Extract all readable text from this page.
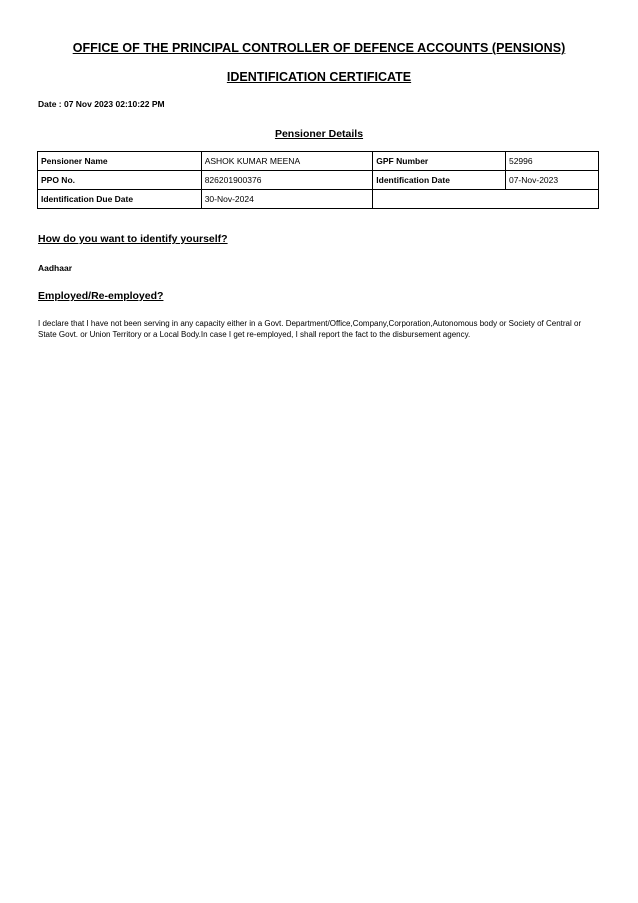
OFFICE OF THE PRINCIPAL CONTROLLER OF DEFENCE ACCOUNTS (PENSIONS)
IDENTIFICATION CERTIFICATE
Date : 07 Nov 2023 02:10:22 PM
Pensioner Details
Pensioner Name	ASHOK KUMAR MEENA	GPF Number	52996
PPO No.	826201900376	Identification Date	07-Nov-2023
Identification Due Date	30-Nov-2024		
How do you want to identify yourself?
Aadhaar
Employed/Re-employed?
I declare that I have not been serving in any capacity either in a Govt. Department/Office,Company,Corporation,Autonomous body or Society of Central or State Govt. or Union Territory or a Local Body.In case I get re-employed, I shall report the fact to the disbursement agency.
